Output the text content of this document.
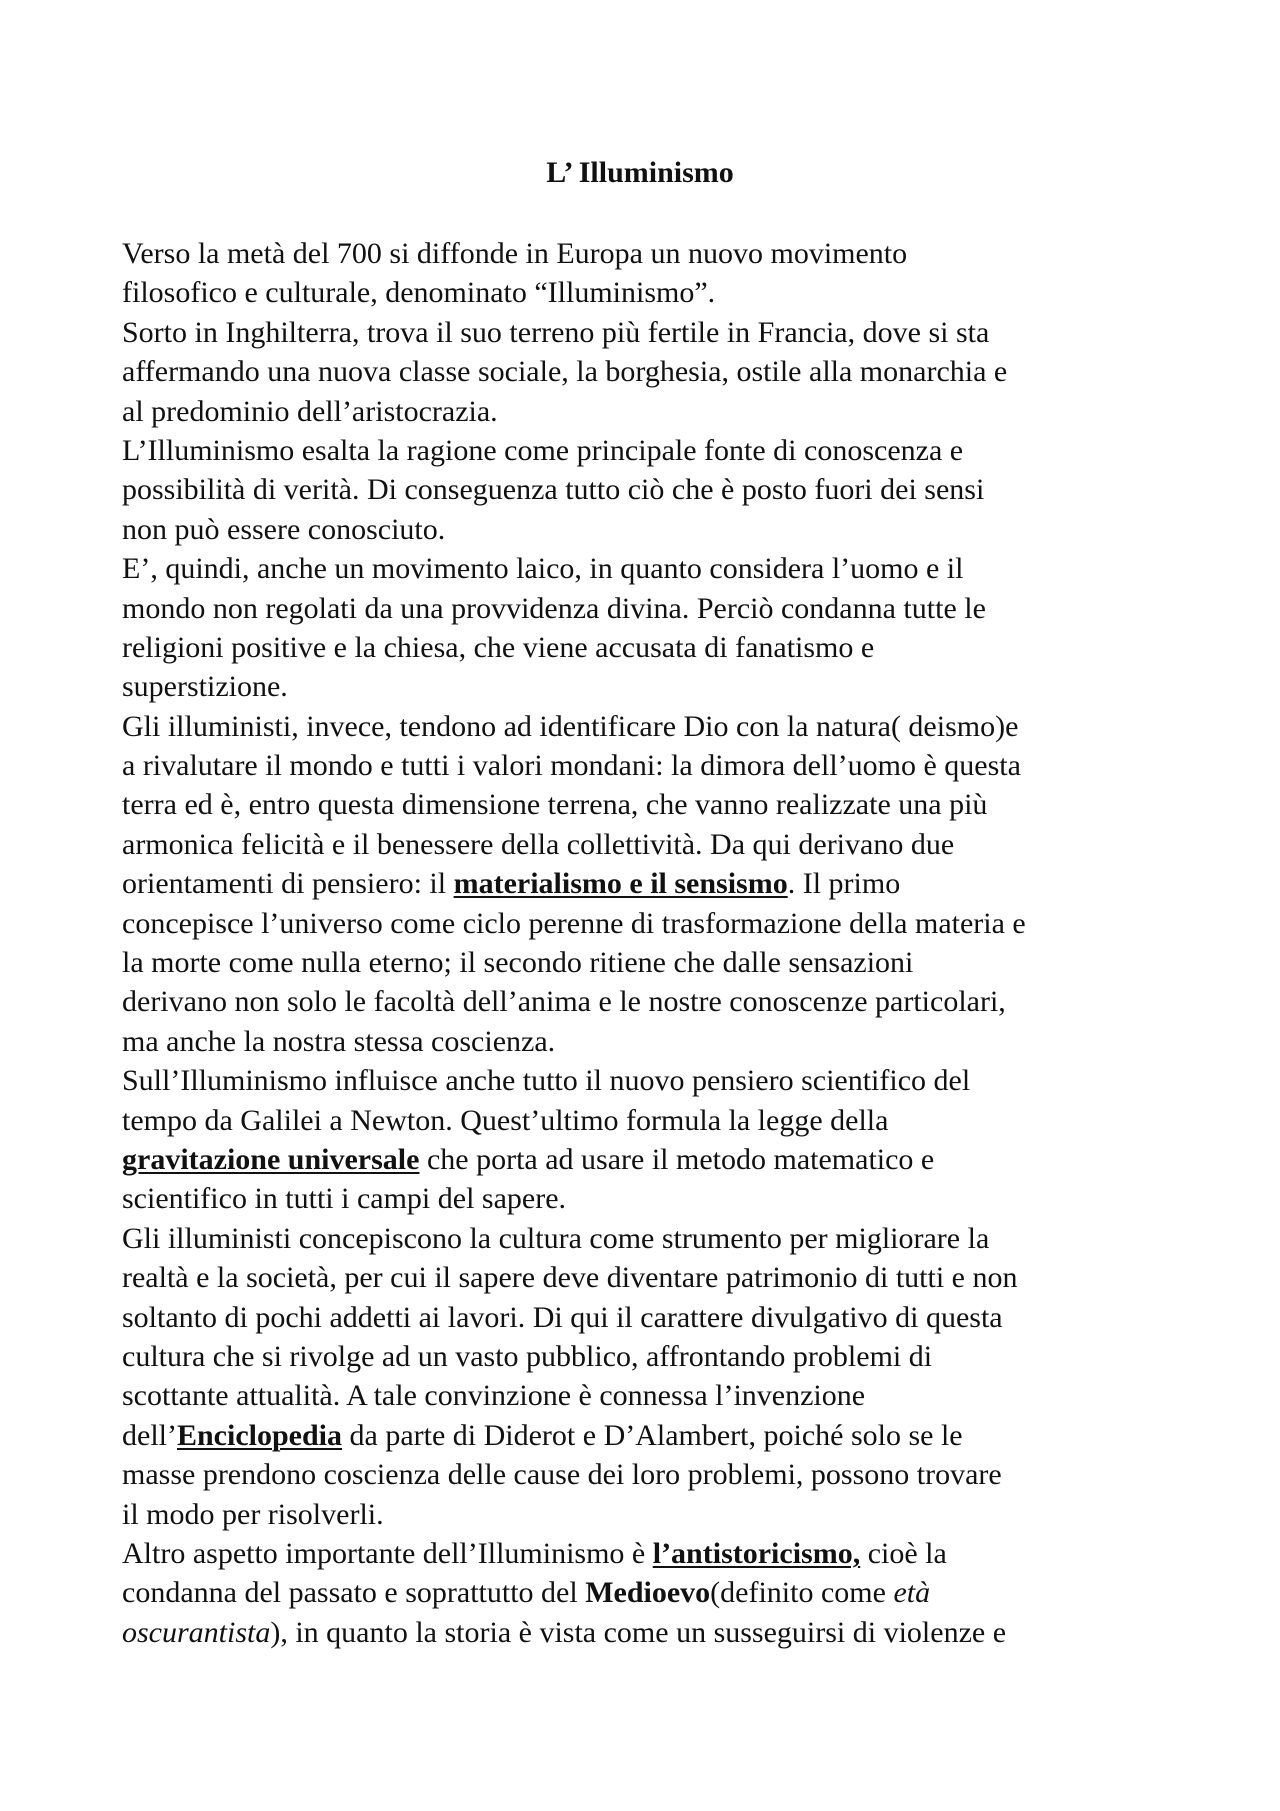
L’ Illuminismo
Verso la metà del 700 si diffonde in Europa un nuovo movimento
filosofico e culturale, denominato “Illuminismo”.
Sorto in Inghilterra, trova il suo terreno più fertile in Francia, dove si sta
affermando una nuova classe sociale, la borghesia, ostile alla monarchia e
al predominio dell’aristocrazia.
L’Illuminismo esalta la ragione come principale fonte di conoscenza e
possibilità di verità. Di conseguenza tutto ciò che è posto fuori dei sensi
non può essere conosciuto.
E’, quindi, anche un movimento laico, in quanto considera l’uomo e il
mondo non regolati da una provvidenza divina. Perciò condanna tutte le
religioni positive e la chiesa, che viene accusata di fanatismo e
superstizione.
Gli illuministi, invece, tendono ad identificare Dio con la natura( deismo)e
a rivalutare il mondo e tutti i valori mondani: la dimora dell’uomo è questa
terra ed è, entro questa dimensione terrena, che vanno realizzate una più
armonica felicità e il benessere della collettività. Da qui derivano due
orientamenti di pensiero: il materialismo e il sensismo. Il primo
concepisce l’universo come ciclo perenne di trasformazione della materia e
la morte come nulla eterno; il secondo ritiene che dalle sensazioni
derivano non solo le facoltà dell’anima e le nostre conoscenze particolari,
ma anche la nostra stessa coscienza.
Sull’Illuminismo influisce anche tutto il nuovo pensiero scientifico del
tempo da Galilei a Newton. Quest’ultimo formula la legge della
gravitazione universale che porta ad usare il metodo matematico e
scientifico in tutti i campi del sapere.
Gli illuministi concepiscono la cultura come strumento per migliorare la
realtà e la società, per cui il sapere deve diventare patrimonio di tutti e non
soltanto di pochi addetti ai lavori. Di qui il carattere divulgativo di questa
cultura che si rivolge ad un vasto pubblico, affrontando problemi di
scottante attualità. A tale convinzione è connessa l’invenzione
dell’Enciclopedia da parte di Diderot e D’Alambert, poiché solo se le
masse prendono coscienza delle cause dei loro problemi, possono trovare
il modo per risolverli.
Altro aspetto importante dell’Illuminismo è l’antistoricismo, cioè la
condanna del passato e soprattutto del Medioevo(definito come età
oscurantista), in quanto la storia è vista come un susseguirsi di violenze e
